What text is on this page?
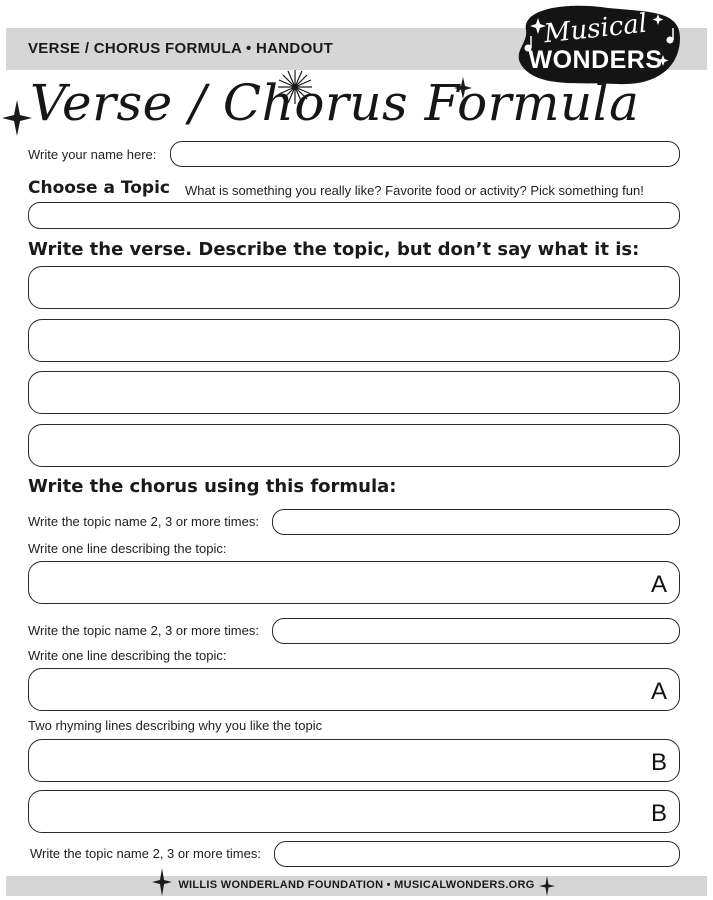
VERSE / CHORUS FORMULA • HANDOUT	Musical
WONDERS
Verse / Chorus Formula
Write your name here:
Choose a Topic What is something you really like? Favorite food or activity? Pick something fun!
Write the verse. Describe the topic, but don’t say what it is:
Write the chorus using this formula:
Write the topic name 2, 3 or more times:
Write one line describing the topic:
A
Write the topic name 2, 3 or more times:
Write one line describing the topic:
A
Two rhyming lines describing why you like the topic
B
B
Write the topic name 2, 3 or more times:
WILLIS WONDERLAND FOUNDATION • MUSICALWONDERS.ORG
